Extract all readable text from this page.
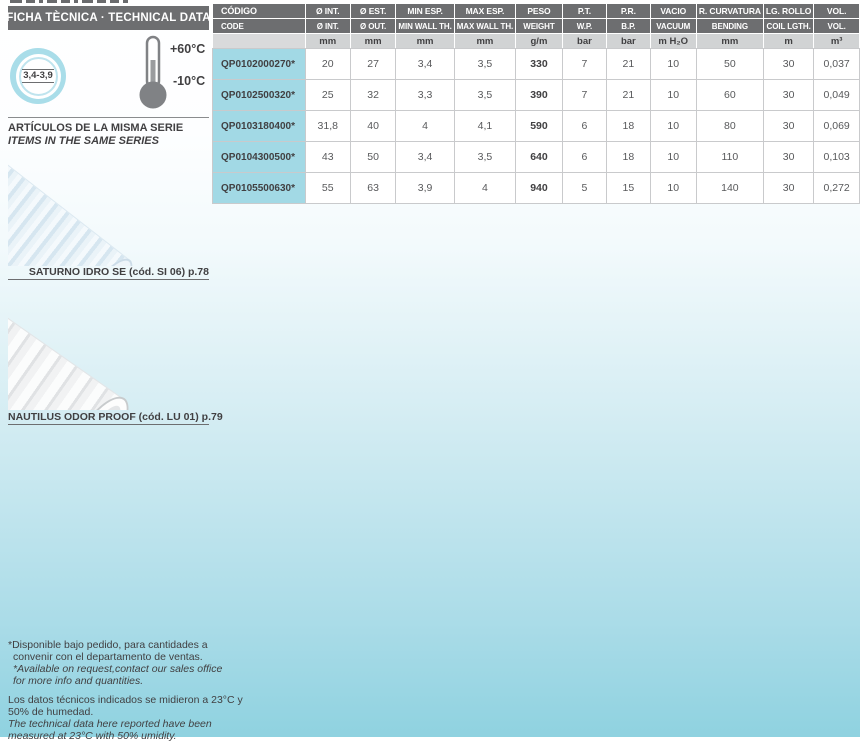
FICHA TÈCNICA · TECHNICAL DATA
3,4-3,9
+60°C
-10°C
ARTÍCULOS DE LA MISMA SERIE
ITEMS IN THE SAME SERIES
SATURNO IDRO SE (cód. SI 06) p.78
NAUTILUS ODOR PROOF (cód. LU 01) p.79
*Disponible bajo pedido, para cantidades a
convenir con el departamento de ventas.
*Available on request,contact our sales office
for more info and quantities.
Los datos técnicos indicados se midieron a 23°C y
50% de humedad.
The technical data here reported have been
measured at 23°C with 50% umidity.
CÓDIGO	Ø INT.	Ø EST.	MIN ESP.	MAX ESP.	PESO	P.T.	P.R.	VACIO	R. CURVATURA	LG. ROLLO	VOL.
CODE	Ø INT.	Ø OUT.	MIN WALL TH.	MAX WALL TH.	WEIGHT	W.P.	B.P.	VACUUM	BENDING	COIL LGTH.	VOL.
	mm	mm	mm	mm	g/m	bar	bar	m H₂O	mm	m	m³
QP0102000270*	20	27	3,4	3,5	330	7	21	10	50	30	0,037
QP0102500320*	25	32	3,3	3,5	390	7	21	10	60	30	0,049
QP0103180400*	31,8	40	4	4,1	590	6	18	10	80	30	0,069
QP0104300500*	43	50	3,4	3,5	640	6	18	10	110	30	0,103
QP0105500630*	55	63	3,9	4	940	5	15	10	140	30	0,272
